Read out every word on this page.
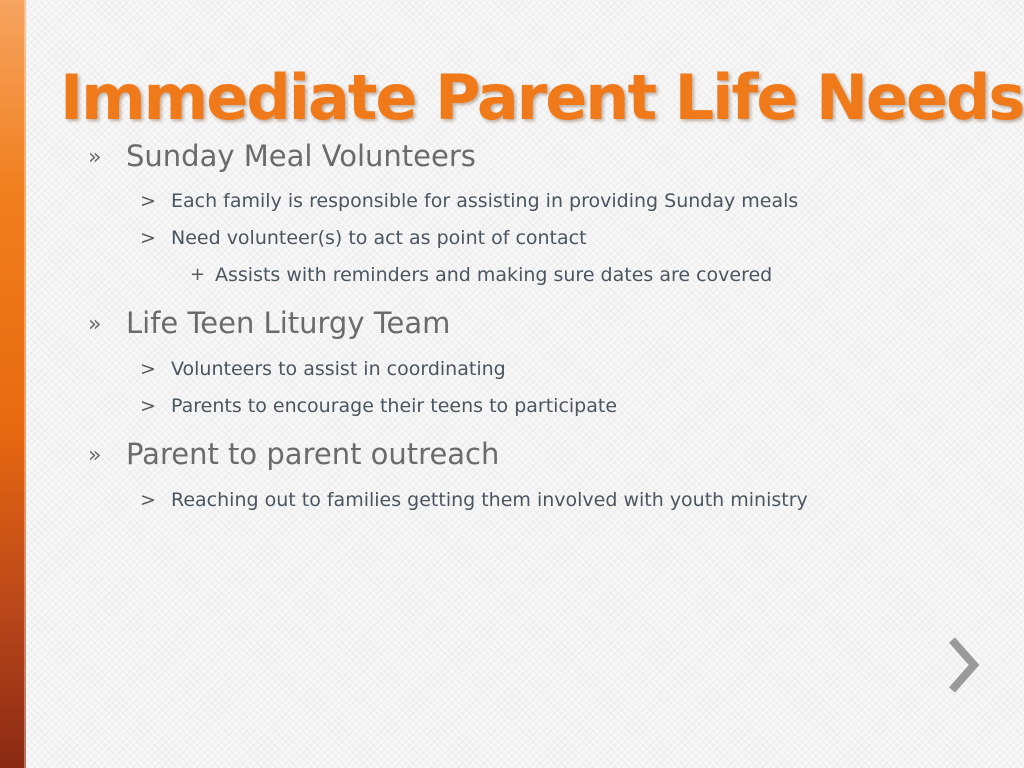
Immediate Parent Life Needs
» Sunday Meal Volunteers
> Each family is responsible for assisting in providing Sunday meals
> Need volunteer(s) to act as point of contact
+ Assists with reminders and making sure dates are covered
» Life Teen Liturgy Team
> Volunteers to assist in coordinating
> Parents to encourage their teens to participate
» Parent to parent outreach
> Reaching out to families getting them involved with youth ministry
